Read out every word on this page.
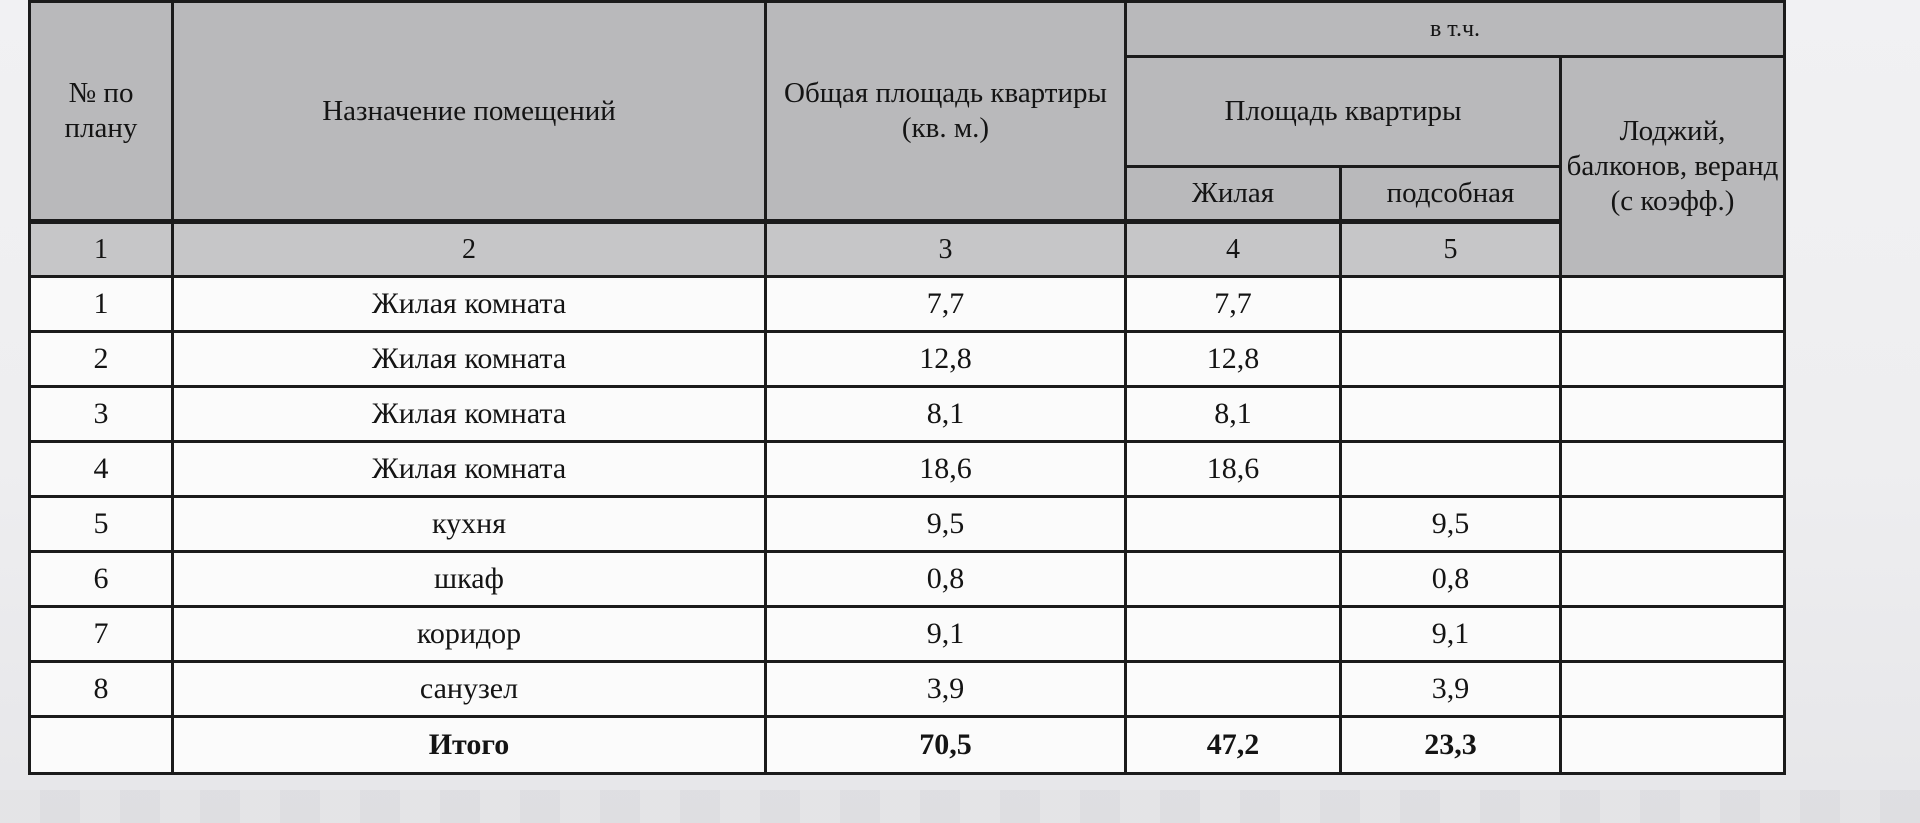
№ по плану	Назначение помещений	Общая площадь квартиры (кв. м.)	в т.ч.		
			Площадь квартиры		Лоджий, балконов, веранд (с коэфф.)
			Жилая	подсобная	
1	2	3	4	5	
1	Жилая комната	7,7	7,7		
2	Жилая комната	12,8	12,8		
3	Жилая комната	8,1	8,1		
4	Жилая комната	18,6	18,6		
5	кухня	9,5		9,5	
6	шкаф	0,8		0,8	
7	коридор	9,1		9,1	
8	санузел	3,9		3,9	
	Итого	70,5	47,2	23,3	
